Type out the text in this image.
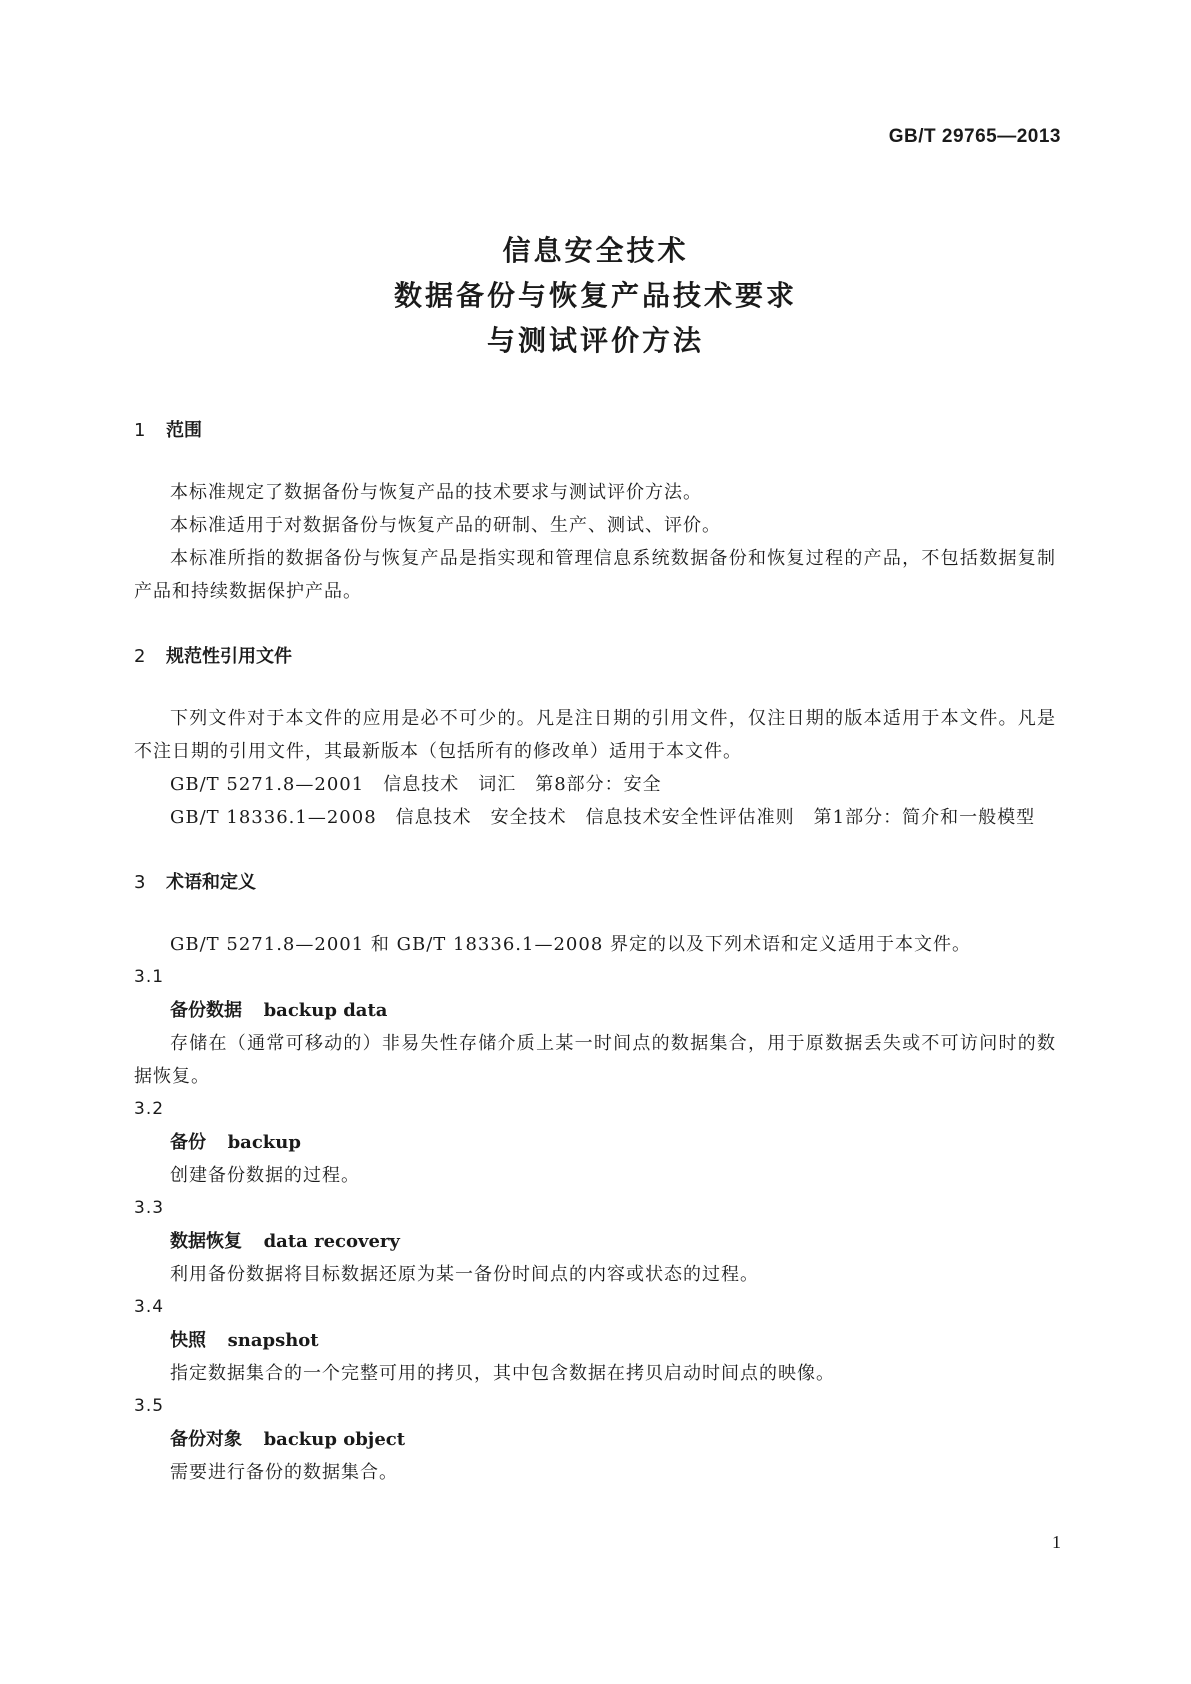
GB/T 29765—2013

信息安全技术

数据备份与恢复产品技术要求

与测试评价方法

1 范围

本标准规定了数据备份与恢复产品的技术要求与测试评价方法。

本标准适用于对数据备份与恢复产品的研制、生产、测试、评价。

本标准所指的数据备份与恢复产品是指实现和管理信息系统数据备份和恢复过程的产品，不包括数据复制产品和持续数据保护产品。

2 规范性引用文件

下列文件对于本文件的应用是必不可少的。凡是注日期的引用文件，仅注日期的版本适用于本文件。凡是不注日期的引用文件，其最新版本（包括所有的修改单）适用于本文件。

GB/T 5271.8—2001　信息技术　词汇　第8部分：安全

GB/T 18336.1—2008　信息技术　安全技术　信息技术安全性评估准则　第1部分：简介和一般模型

3 术语和定义

GB/T 5271.8—2001 和 GB/T 18336.1—2008 界定的以及下列术语和定义适用于本文件。

3.1

备份数据 backup data

存储在（通常可移动的）非易失性存储介质上某一时间点的数据集合，用于原数据丢失或不可访问时的数据恢复。

3.2

备份 backup

创建备份数据的过程。

3.3

数据恢复 data recovery

利用备份数据将目标数据还原为某一备份时间点的内容或状态的过程。

3.4

快照 snapshot

指定数据集合的一个完整可用的拷贝，其中包含数据在拷贝启动时间点的映像。

3.5

备份对象 backup object

需要进行备份的数据集合。

1
